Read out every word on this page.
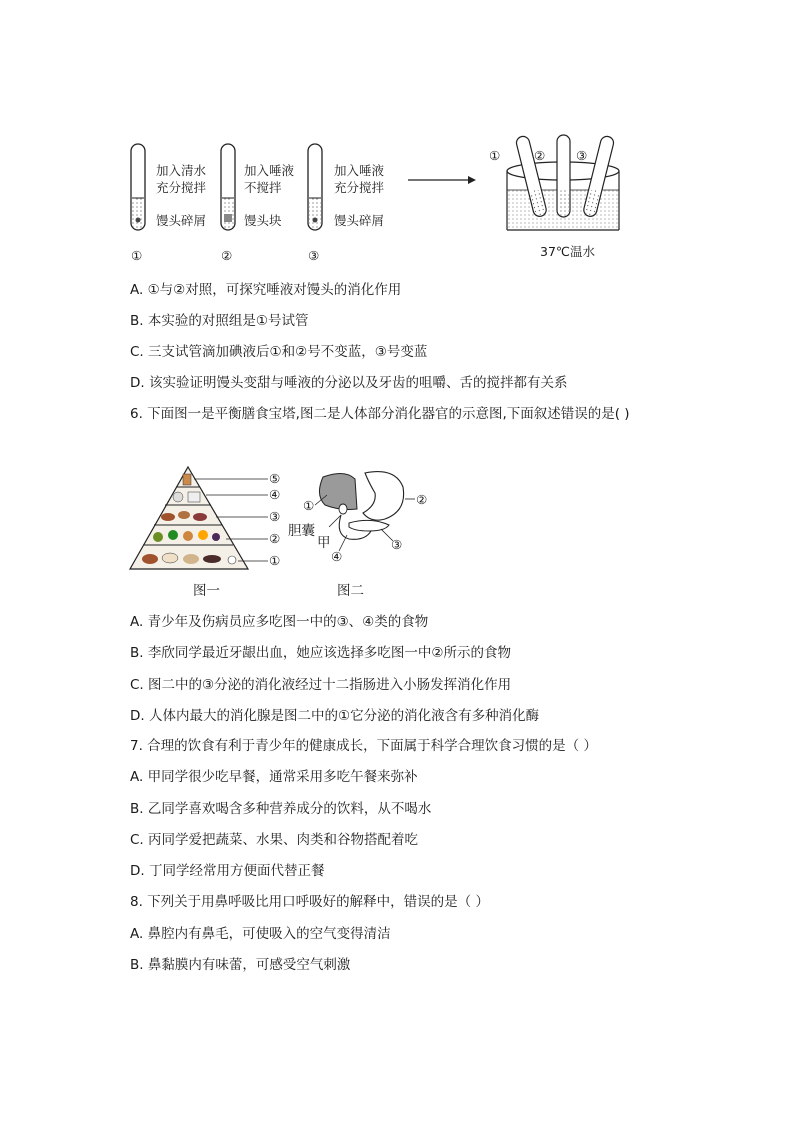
加入清水
充分搅拌
馒头碎屑
①
加入唾液
不搅拌
馒头块
②
加入唾液
充分搅拌
馒头碎屑
③
①	② ③
37℃温水
A. ①与②对照，可探究唾液对馒头的消化作用
B. 本实验的对照组是①号试管
C. 三支试管滴加碘液后①和②号不变蓝，③号变蓝
D. 该实验证明馒头变甜与唾液的分泌以及牙齿的咀嚼、舌的搅拌都有关系
6. 下面图一是平衡膳食宝塔,图二是人体部分消化器官的示意图,下面叙述错误的是( )
⑤
④
③
②
①
图一
①	②
③
④
胆囊
甲
图二
A. 青少年及伤病员应多吃图一中的③、④类的食物
B. 李欣同学最近牙龈出血，她应该选择多吃图一中②所示的食物
C. 图二中的③分泌的消化液经过十二指肠进入小肠发挥消化作用
D. 人体内最大的消化腺是图二中的①它分泌的消化液含有多种消化酶
7. 合理的饮食有利于青少年的健康成长，下面属于科学合理饮食习惯的是（ ）
A. 甲同学很少吃早餐，通常采用多吃午餐来弥补
B. 乙同学喜欢喝含多种营养成分的饮料，从不喝水
C. 丙同学爱把蔬菜、水果、肉类和谷物搭配着吃
D. 丁同学经常用方便面代替正餐
8. 下列关于用鼻呼吸比用口呼吸好的解释中，错误的是（ ）
A. 鼻腔内有鼻毛，可使吸入的空气变得清洁
B. 鼻黏膜内有味蕾，可感受空气刺激
